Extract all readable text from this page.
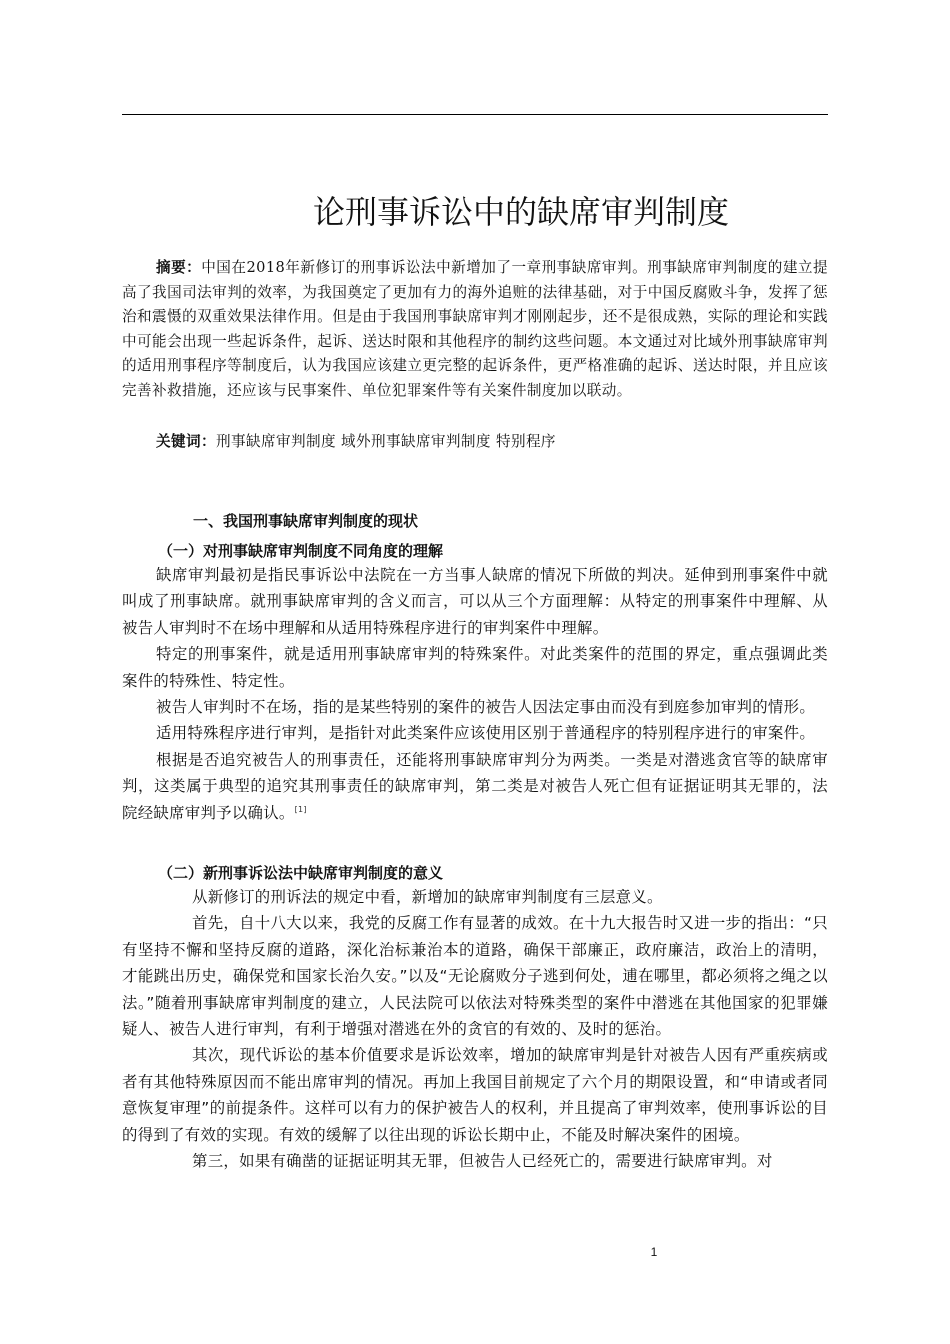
论刑事诉讼中的缺席审判制度

摘要：中国在2018年新修订的刑事诉讼法中新增加了一章刑事缺席审判。刑事缺席审判制度的建立提高了我国司法审判的效率，为我国奠定了更加有力的海外追赃的法律基础，对于中国反腐败斗争，发挥了惩治和震慑的双重效果法律作用。但是由于我国刑事缺席审判才刚刚起步，还不是很成熟，实际的理论和实践中可能会出现一些起诉条件，起诉、送达时限和其他程序的制约这些问题。本文通过对比域外刑事缺席审判的适用刑事程序等制度后，认为我国应该建立更完整的起诉条件，更严格准确的起诉、送达时限，并且应该完善补救措施，还应该与民事案件、单位犯罪案件等有关案件制度加以联动。

关键词：刑事缺席审判制度 域外刑事缺席审判制度 特别程序

一、我国刑事缺席审判制度的现状
（一）对刑事缺席审判制度不同角度的理解

缺席审判最初是指民事诉讼中法院在一方当事人缺席的情况下所做的判决。延伸到刑事案件中就叫成了刑事缺席。就刑事缺席审判的含义而言，可以从三个方面理解：从特定的刑事案件中理解、从被告人审判时不在场中理解和从适用特殊程序进行的审判案件中理解。

特定的刑事案件，就是适用刑事缺席审判的特殊案件。对此类案件的范围的界定，重点强调此类案件的特殊性、特定性。

被告人审判时不在场，指的是某些特别的案件的被告人因法定事由而没有到庭参加审判的情形。

适用特殊程序进行审判，是指针对此类案件应该使用区别于普通程序的特别程序进行的审案件。

根据是否追究被告人的刑事责任，还能将刑事缺席审判分为两类。一类是对潜逃贪官等的缺席审判，这类属于典型的追究其刑事责任的缺席审判，第二类是对被告人死亡但有证据证明其无罪的，法院经缺席审判予以确认。[1]

（二）新刑事诉讼法中缺席审判制度的意义

从新修订的刑诉法的规定中看，新增加的缺席审判制度有三层意义。

首先，自十八大以来，我党的反腐工作有显著的成效。在十九大报告时又进一步的指出：“只有坚持不懈和坚持反腐的道路，深化治标兼治本的道路，确保干部廉正，政府廉洁，政治上的清明，才能跳出历史，确保党和国家长治久安。”以及“无论腐败分子逃到何处，逋在哪里，都必须将之绳之以法。”随着刑事缺席审判制度的建立，人民法院可以依法对特殊类型的案件中潜逃在其他国家的犯罪嫌疑人、被告人进行审判，有利于增强对潜逃在外的贪官的有效的、及时的惩治。

其次，现代诉讼的基本价值要求是诉讼效率，增加的缺席审判是针对被告人因有严重疾病或者有其他特殊原因而不能出席审判的情况。再加上我国目前规定了六个月的期限设置，和“申请或者同意恢复审理”的前提条件。这样可以有力的保护被告人的权利，并且提高了审判效率，使刑事诉讼的目的得到了有效的实现。有效的缓解了以往出现的诉讼长期中止，不能及时解决案件的困境。

第三，如果有确凿的证据证明其无罪，但被告人已经死亡的，需要进行缺席审判。对

1
